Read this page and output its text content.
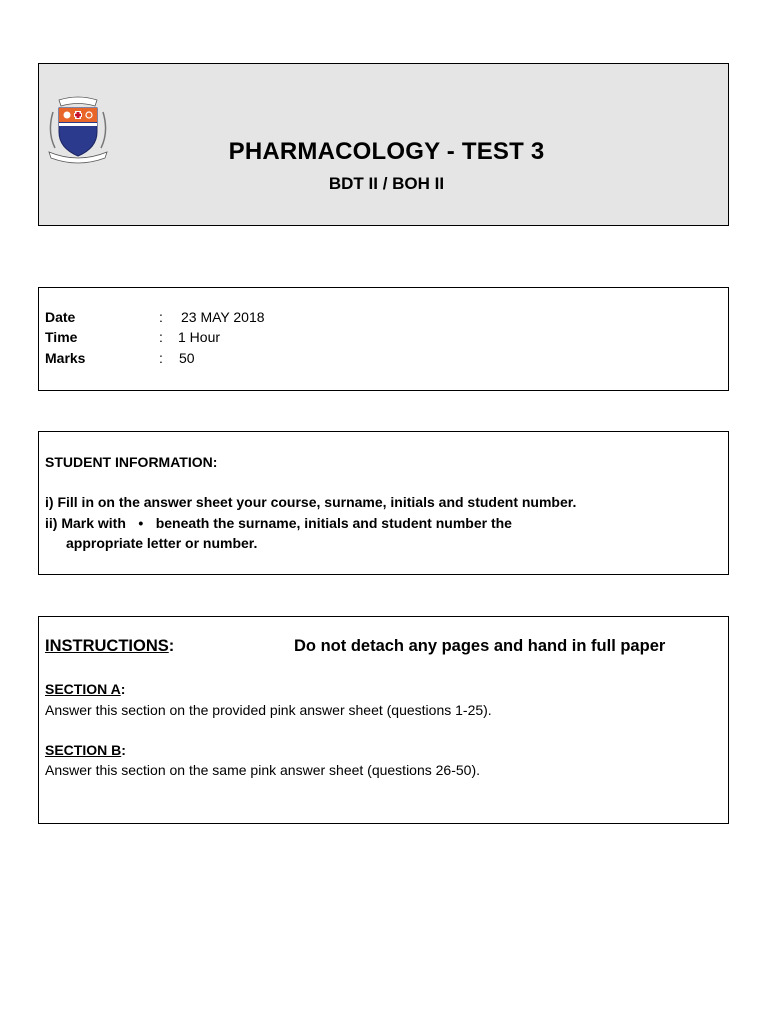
PHARMACOLOGY - TEST 3
BDT II / BOH II
Date	: 23 MAY 2018
Time	: 1 Hour
Marks	: 50
STUDENT INFORMATION:
i) Fill in on the answer sheet your course, surname, initials and student number.
ii) Mark with • beneath the surname, initials and student number the
appropriate letter or number.
INSTRUCTIONS:	Do not detach any pages and hand in full paper
SECTION A:
Answer this section on the provided pink answer sheet (questions 1-25).
SECTION B:
Answer this section on the same pink answer sheet (questions 26-50).
